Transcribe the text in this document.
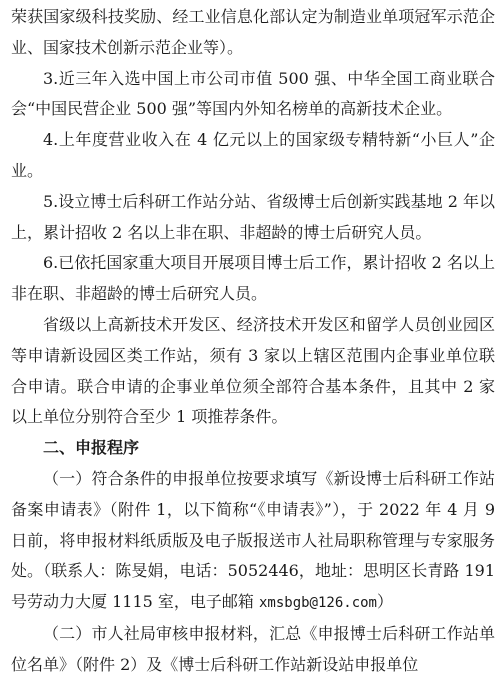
荣获国家级科技奖励、经工业信息化部认定为制造业单项冠军示范企业、国家技术创新示范企业等）。

3.近三年入选中国上市公司市值 500 强、中华全国工商业联合会“中国民营企业 500 强”等国内外知名榜单的高新技术企业。

4.上年度营业收入在 4 亿元以上的国家级专精特新“小巨人”企业。

5.设立博士后科研工作站分站、省级博士后创新实践基地 2 年以上，累计招收 2 名以上非在职、非超龄的博士后研究人员。

6.已依托国家重大项目开展项目博士后工作，累计招收 2 名以上非在职、非超龄的博士后研究人员。

省级以上高新技术开发区、经济技术开发区和留学人员创业园区等申请新设园区类工作站，须有 3 家以上辖区范围内企事业单位联合申请。联合申请的企事业单位须全部符合基本条件，且其中 2 家以上单位分别符合至少 1 项推荐条件。

二、申报程序

（一）符合条件的申报单位按要求填写《新设博士后科研工作站备案申请表》（附件 1，以下简称“《申请表》”），于 2022 年 4 月 9 日前，将申报材料纸质版及电子版报送市人社局职称管理与专家服务处。（联系人：陈旻娟，电话：5052446，地址：思明区长青路 191 号劳动力大厦 1115 室，电子邮箱 xmsbgb@126.com）

（二）市人社局审核申报材料，汇总《申报博士后科研工作站单位名单》（附件 2）及《博士后科研工作站新设站申报单位
